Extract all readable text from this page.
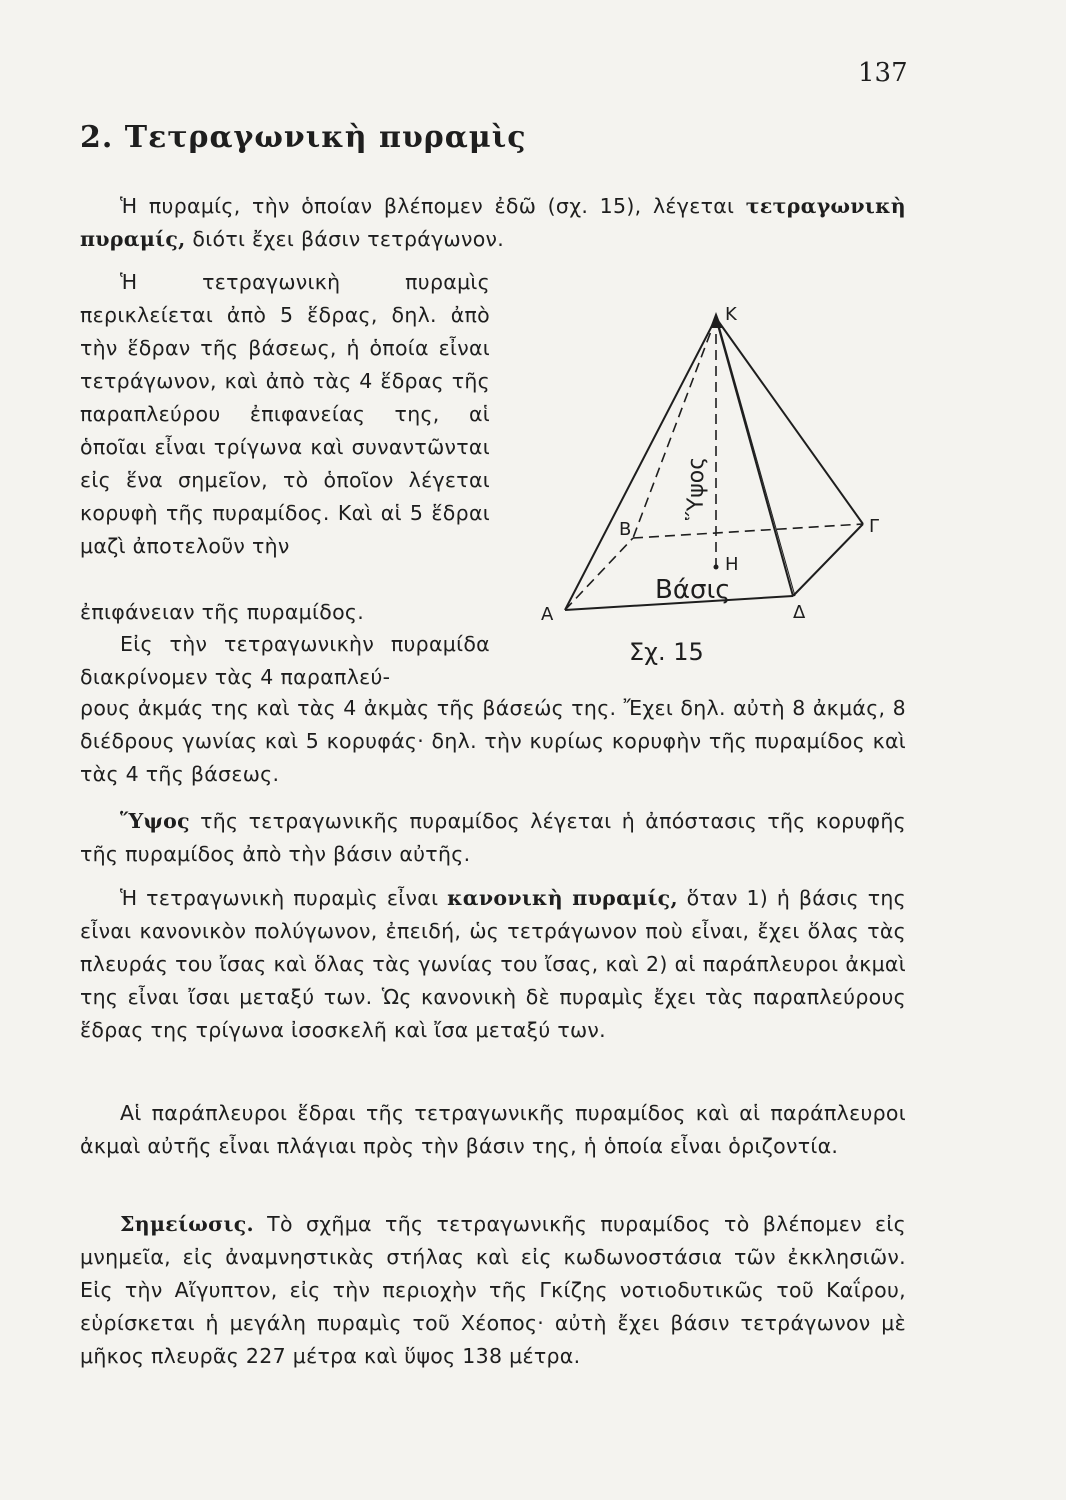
137
2. Τετραγωνικὴ πυραμὶς

Ἡ πυραμίς, τὴν ὁποίαν βλέπομεν ἐδῶ (σχ. 15), λέγεται τετραγωνικὴ πυραμίς, διότι ἔχει βάσιν τετράγωνον.

Ἡ τετραγωνικὴ πυραμὶς περικλείεται ἀπὸ 5 ἕδρας, δηλ. ἀπὸ τὴν ἕδραν τῆς βάσεως, ἡ ὁποία εἶναι τετράγωνον, καὶ ἀπὸ τὰς 4 ἕδρας τῆς παραπλεύρου ἐπιφανείας της, αἱ ὁποῖαι εἶναι τρίγωνα καὶ συναντῶνται εἰς ἕνα σημεῖον, τὸ ὁποῖον λέγεται κορυφὴ τῆς πυραμίδος. Καὶ αἱ 5 ἕδραι μαζὶ ἀποτελοῦν τὴν

ἐπιφάνειαν τῆς πυραμίδος.

Εἰς τὴν τετραγωνικὴν πυραμίδα διακρίνομεν τὰς 4 παραπλεύ-

ρους ἀκμάς της καὶ τὰς 4 ἀκμὰς τῆς βάσεώς της. Ἔχει δηλ. αὐτὴ 8 ἀκμάς, 8 διέδρους γωνίας καὶ 5 κορυφάς· δηλ. τὴν κυρίως κορυφὴν τῆς πυραμίδος καὶ τὰς 4 τῆς βάσεως.

Ὕψος τῆς τετραγωνικῆς πυραμίδος λέγεται ἡ ἀπόστασις τῆς κορυφῆς τῆς πυραμίδος ἀπὸ τὴν βάσιν αὐτῆς.

Ἡ τετραγωνικὴ πυραμὶς εἶναι κανονικὴ πυραμίς, ὅταν 1) ἡ βάσις της εἶναι κανονικὸν πολύγωνον, ἐπειδή, ὡς τετράγωνον ποὺ εἶναι, ἔχει ὅλας τὰς πλευράς του ἴσας καὶ ὅλας τὰς γωνίας του ἴσας, καὶ 2) αἱ παράπλευροι ἀκμαὶ της εἶναι ἴσαι μεταξύ των. Ὡς κανονικὴ δὲ πυραμὶς ἔχει τὰς παραπλεύρους ἕδρας της τρίγωνα ἰσοσκελῆ καὶ ἴσα μεταξύ των.

Αἱ παράπλευροι ἕδραι τῆς τετραγωνικῆς πυραμίδος καὶ αἱ παράπλευροι ἀκμαὶ αὐτῆς εἶναι πλάγιαι πρὸς τὴν βάσιν της, ἡ ὁποία εἶναι ὁριζοντία.

Σημείωσις. Τὸ σχῆμα τῆς τετραγωνικῆς πυραμίδος τὸ βλέπομεν εἰς μνημεῖα, εἰς ἀναμνηστικὰς στήλας καὶ εἰς κωδωνοστάσια τῶν ἐκκλησιῶν. Εἰς τὴν Αἴγυπτον, εἰς τὴν περιοχὴν τῆς Γκίζης νοτιοδυτικῶς τοῦ Καΐρου, εὑρίσκεται ἡ μεγάλη πυραμὶς τοῦ Χέοπος· αὐτὴ ἔχει βάσιν τετράγωνον μὲ μῆκος πλευρᾶς 227 μέτρα καὶ ὕψος 138 μέτρα.

Κ
Α
Β	Γ
Δ
Η
Ὕψος
Βάσις
Σχ. 15
